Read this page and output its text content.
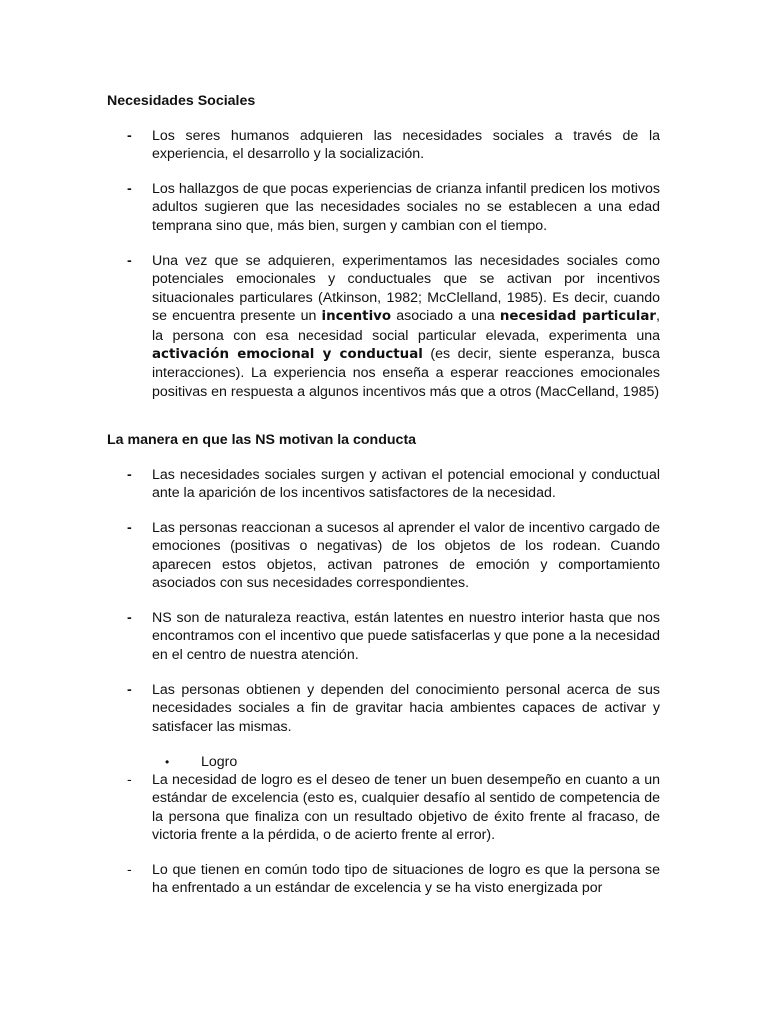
Necesidades Sociales
-	Los seres humanos adquieren las necesidades sociales a través de la experiencia, el desarrollo y la socialización.
-	Los hallazgos de que pocas experiencias de crianza infantil predicen los motivos adultos sugieren que las necesidades sociales no se establecen a una edad temprana sino que, más bien, surgen y cambian con el tiempo.
-	Una vez que se adquieren, experimentamos las necesidades sociales como potenciales emocionales y conductuales que se activan por incentivos situacionales particulares (Atkinson, 1982; McClelland, 1985). Es decir, cuando se encuentra presente un incentivo asociado a una necesidad particular, la persona con esa necesidad social particular elevada, experimenta una activación emocional y conductual (es decir, siente esperanza, busca interacciones). La experiencia nos enseña a esperar reacciones emocionales positivas en respuesta a algunos incentivos más que a otros (MacCelland, 1985)
La manera en que las NS motivan la conducta
-	Las necesidades sociales surgen y activan el potencial emocional y conductual ante la aparición de los incentivos satisfactores de la necesidad.
-	Las personas reaccionan a sucesos al aprender el valor de incentivo cargado de emociones (positivas o negativas) de los objetos de los rodean. Cuando aparecen estos objetos, activan patrones de emoción y comportamiento asociados con sus necesidades correspondientes.
-	NS son de naturaleza reactiva, están latentes en nuestro interior hasta que nos encontramos con el incentivo que puede satisfacerlas y que pone a la necesidad en el centro de nuestra atención.
-	Las personas obtienen y dependen del conocimiento personal acerca de sus necesidades sociales a fin de gravitar hacia ambientes capaces de activar y satisfacer las mismas.
• Logro
-	La necesidad de logro es el deseo de tener un buen desempeño en cuanto a un estándar de excelencia (esto es, cualquier desafío al sentido de competencia de la persona que finaliza con un resultado objetivo de éxito frente al fracaso, de victoria frente a la pérdida, o de acierto frente al error).
-	Lo que tienen en común todo tipo de situaciones de logro es que la persona se ha enfrentado a un estándar de excelencia y se ha visto energizada por
